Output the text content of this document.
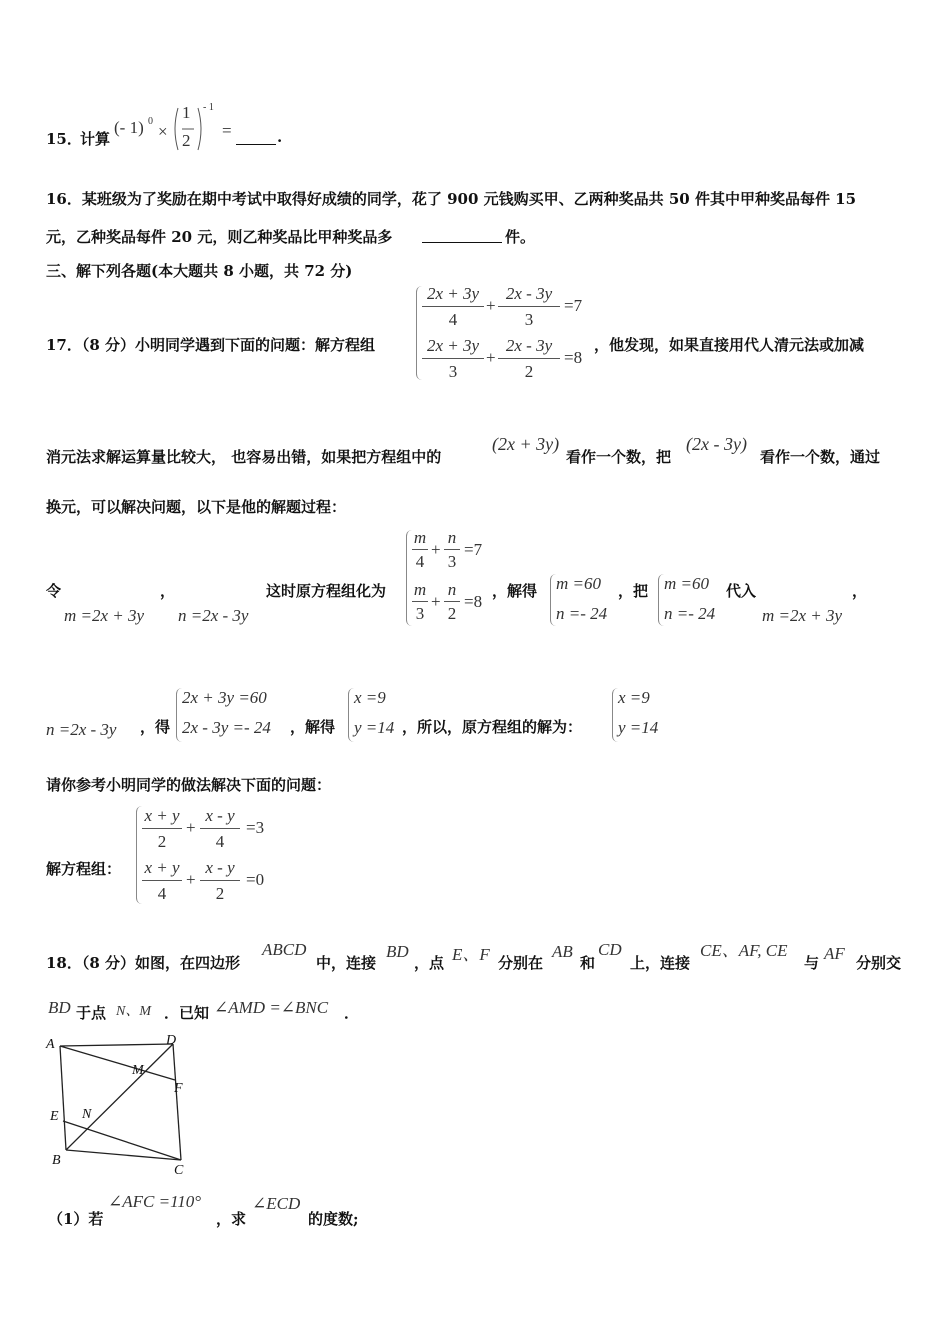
15．
计算
(- 1) 0
×
1
2
- 1
=	.
16．某班级为了奖励在期中考试中取得好成绩的同学，花了 900 元钱购买甲、乙两种奖品共 50 件其中甲种奖品每件 15
元，乙种奖品每件 20 元，则乙种奖品比甲种奖品多	件。
三、解下列各题(本大题共 8 小题，共 72 分)
17．（8 分）小明同学遇到下面的问题：解方程组
2x + 3y
4
+
2x - 3y
3
=7
2x + 3y
3
+
2x - 3y
2
=8
，他发现，如果直接用代人清元法或加减
消元法求解运算量比较大， 也容易出错，如果把方程组中的
(2x + 3y)
看作一个数，把
(2x - 3y)
看作一个数，通过
换元，可以解决问题，以下是他的解题过程：
令	，
m =2x + 3y n =2x - 3y
这时原方程组化为
m
4
+
n
3
=7
m
3
+
n
2
=8
，解得 m =60
n =- 24
，把 m =60
n =- 24
代入
m =2x + 3y
，
n =2x - 3y ，得
2x + 3y =60
2x - 3y =- 24 ，解得
x =9
y =14 ，所以，原方程组的解为：
x =9
y =14
请你参考小明同学的做法解决下面的问题：
解方程组：
x + y
2
+
x - y
4
=3
x + y
4
+
x - y
2
=0
18．（8 分）如图，在四边形
ABCD
中，连接
BD
，点 E、F 分别在
AB
和
CD
上，连接
CE、AF, CE
与 AF 分别交
BD 于点 N、M ．已知 ∠AMD =∠BNC ．
A	D
F
M
N
E
B
C
（1）若
∠AFC =110°
，求
∠ECD
的度数;
